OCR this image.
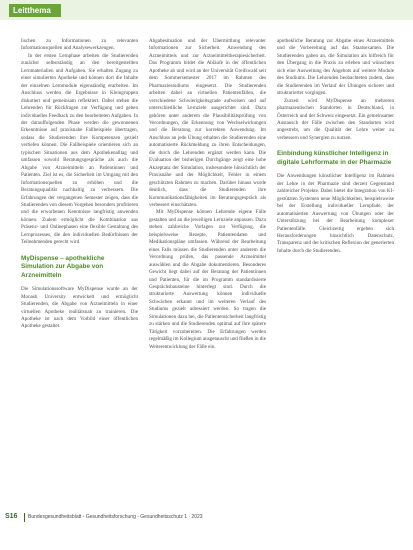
Leitthema
lischen zu Informationen zu relevanten Informationsquellen und Analysewerkzeugen.
In der ersten Lernphase arbeiten die Studierenden zunächst selbstständig an den bereitgestellten Lernmaterialien und Aufgaben. Sie erhalten Zugang zu einer simulierten Apotheke und können dort die Inhalte der einzelnen Lernmodule eigenständig erarbeiten. Im Anschluss werden die Ergebnisse in Kleingruppen diskutiert und gemeinsam reflektiert. Dabei stehen die Lehrenden für Rückfragen zur Verfügung und geben individuelles Feedback zu den bearbeiteten Aufgaben. In der darauffolgenden Phase werden die gewonnenen Erkenntnisse auf praxisnahe Fallbeispiele übertragen, sodass die Studierenden ihre Kompetenzen gezielt vertiefen können. Die Fallbeispiele orientieren sich an typischen Situationen aus dem Apothekenalltag und umfassen sowohl Beratungsgespräche als auch die Abgabe von Arzneimitteln an Patientinnen und Patienten. Ziel ist es, die Sicherheit im Umgang mit den Informationsquellen zu erhöhen und die Beratungsqualität nachhaltig zu verbessern. Die Erfahrungen der vergangenen Semester zeigen, dass die Studierenden von diesem Vorgehen besonders profitieren und die erworbenen Kenntnisse langfristig anwenden können. Zudem ermöglicht die Kombination aus Präsenz- und Onlinephasen eine flexible Gestaltung des Lernprozesses, die den individuellen Bedürfnissen der Teilnehmenden gerecht wird.
MyDispense – apothekliche Simulation zur Abgabe von Arzneimitteln
Die Simulationssoftware MyDispense wurde an der Monash University entwickelt und ermöglicht Studierenden, die Abgabe von Arzneimitteln in einer virtuellen Apotheke realitätsnah zu trainieren. Die Apotheke ist nach dem Vorbild einer öffentlichen Apotheke gestaltet.
Abgabesituation und der Übermittlung relevanter Informationen zur Sicherheit. Anwendung des Arzneimittels und zur Arzneimitteltherapiesicherheit. Das Programm bildet die Abläufe in der öffentlichen Apotheke ab und wird an der Universität Greifswald seit dem Sommersemester 2017 im Rahmen des Pharmaziestudiums eingesetzt. Die Studierenden arbeiten dabei an virtuellen Patientenfällen, die verschiedene Schwierigkeitsgrade aufweisen und auf unterschiedliche Lernziele ausgerichtet sind. Dazu gehören unter anderem die Plausibilitätsprüfung von Verordnungen, die Erkennung von Wechselwirkungen und die Beratung zur korrekten Anwendung. Im Anschluss an jede Übung erhalten die Studierenden eine automatisierte Rückmeldung zu ihren Entscheidungen, die durch die Lehrenden ergänzt werden kann. Die Evaluation der bisherigen Durchgänge zeigt eine hohe Akzeptanz der Simulation, insbesondere hinsichtlich der Praxisnähe und der Möglichkeit, Fehler in einem geschützten Rahmen zu machen. Darüber hinaus wurde deutlich, dass die Studierenden ihre Kommunikationsfähigkeiten im Beratungsgespräch als verbessert einschätzten.
Mit MyDispense können Lehrende eigene Fälle gestalten und an die jeweiligen Lernziele anpassen. Dazu stehen zahlreiche Vorlagen zur Verfügung, die beispielsweise Rezepte, Patientendaten und Medikationspläne umfassen. Während der Bearbeitung eines Falls müssen die Studierenden unter anderem die Verordnung prüfen, das passende Arzneimittel auswählen und die Abgabe dokumentieren. Besonderes Gewicht liegt dabei auf der Beratung der Patientinnen und Patienten, für die im Programm standardisierte Gesprächsbausteine hinterlegt sind. Durch die strukturierte Auswertung können individuelle Schwächen erkannt und im weiteren Verlauf des Studiums gezielt adressiert werden. So tragen die Simulationen dazu bei, die Patientensicherheit langfristig zu stärken und die Studierenden optimal auf ihre spätere Tätigkeit vorzubereiten. Die Erfahrungen werden regelmäßig im Kollegium ausgetauscht und fließen in die Weiterentwicklung der Fälle ein.
apothekliche Beratung zur Abgabe eines Arzneimittels und die Vorbereitung auf das Staatsexamen. Die Studierenden gaben an, die Simulation als hilfreich für den Übergang in die Praxis zu erleben und wünschten sich eine Ausweitung des Angebots auf weitere Module des Studiums. Die Lehrenden beobachteten zudem, dass die Studierenden im Verlauf der Übungen sicherer und strukturierter vorgingen.
Zurzeit wird MyDispense an mehreren pharmazeutischen Standorten in Deutschland, in Österreich und der Schweiz eingesetzt. Ein gemeinsamer Austausch der Fälle zwischen den Standorten wird angestrebt, um die Qualität der Lehre weiter zu verbessern und Synergien zu nutzen.
Einbindung künstlicher Intelligenz in digitale Lehrformate in der Pharmazie
Die Anwendungen künstlicher Intelligenz im Rahmen der Lehre in der Pharmazie sind derzeit Gegenstand zahlreicher Projekte. Dabei bietet die Integration von KI-gestützten Systemen neue Möglichkeiten, beispielsweise bei der Erstellung individueller Lernpfade, der automatisierten Auswertung von Übungen oder der Unterstützung bei der Bearbeitung komplexer Patientenfälle. Gleichzeitig ergeben sich Herausforderungen hinsichtlich Datenschutz, Transparenz und der kritischen Reflexion der generierten Inhalte durch die Studierenden.
S16 Bundesgesundheitsblatt - Gesundheitsforschung - Gesundheitsschutz 1 · 2023
